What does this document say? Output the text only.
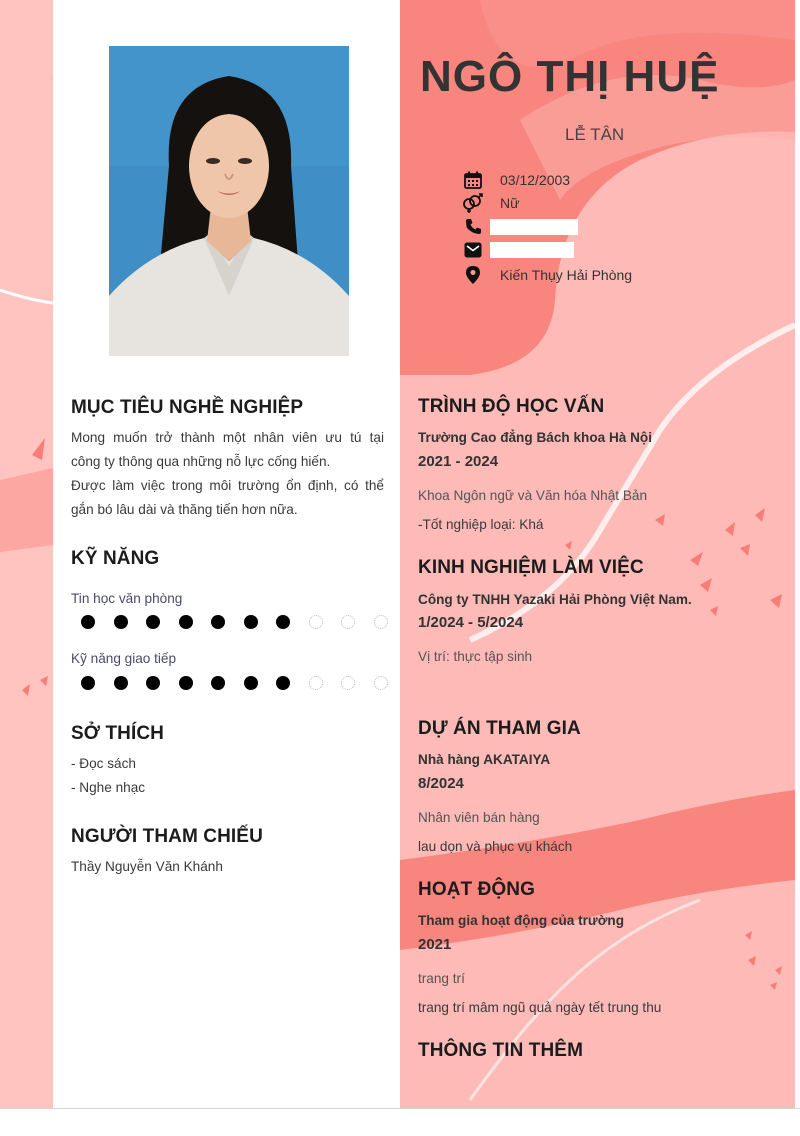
NGÔ THỊ HUỆ
LỄ TÂN
03/12/2003
Nữ
Kiến Thụy Hải Phòng
MỤC TIÊU NGHỀ NGHIỆP
Mong muốn trở thành một nhân viên ưu tú tại
công ty thông qua những nỗ lực cống hiến.
Được làm việc trong môi trường ổn định, có thể
gắn bó lâu dài và thăng tiến hơn nữa.
KỸ NĂNG
Tin học văn phòng
Kỹ năng giao tiếp
SỞ THÍCH
- Đọc sách
- Nghe nhạc
NGƯỜI THAM CHIẾU
Thầy Nguyễn Văn Khánh
TRÌNH ĐỘ HỌC VẤN
Trường Cao đẳng Bách khoa Hà Nội
2021 - 2024
Khoa Ngôn ngữ và Văn hóa Nhật Bản
-Tốt nghiệp loại: Khá
KINH NGHIỆM LÀM VIỆC
Công ty TNHH Yazaki Hải Phòng Việt Nam.
1/2024 - 5/2024
Vị trí: thực tập sinh
DỰ ÁN THAM GIA
Nhà hàng AKATAIYA
8/2024
Nhân viên bán hàng
lau dọn và phục vụ khách
HOẠT ĐỘNG
Tham gia hoạt động của trường
2021
trang trí
trang trí mâm ngũ quả ngày tết trung thu
THÔNG TIN THÊM
